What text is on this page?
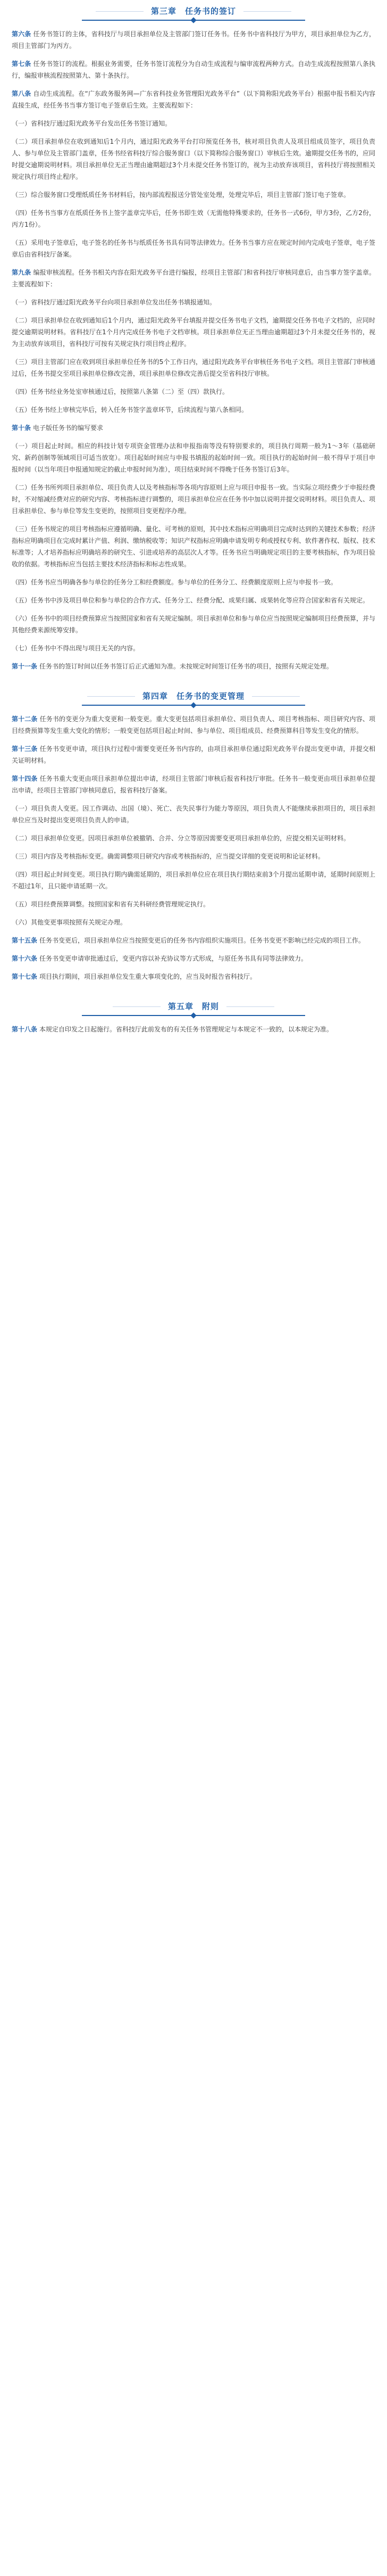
第三章　任务书的签订

第六条 任务书签订的主体，省科技厅与项目承担单位及主管部门签订任务书。任务书中省科技厅为甲方，项目承担单位为乙方，项目主管部门为丙方。

第七条 任务书签订的流程。根据业务需要，任务书签订流程分为自动生成流程与编审流程两种方式。自动生成流程按照第八条执行，编报审核流程按照第九、第十条执行。

第八条 自动生成流程。在“广东政务服务网—广东省科技业务管理阳光政务平台”（以下简称阳光政务平台）根据申报书相关内容直接生成，经任务书当事方签订电子签章后生效。主要流程如下：

（一）省科技厅通过阳光政务平台发出任务书签订通知。

（二）项目承担单位在收到通知后1个月内，通过阳光政务平台打印预览任务书，核对项目负责人及项目组成员签字，项目负责人、参与单位及主管部门盖章，任务书经省科技厅综合服务窗口（以下简称综合服务窗口）审核后生效。逾期提交任务书的，应同时提交逾期说明材料。项目承担单位无正当理由逾期超过3个月未提交任务书签订的，视为主动放弃该项目，省科技厅将按照相关规定执行项目终止程序。

（三）综合服务窗口受理纸质任务书材料后，按内部流程报送分管处室处理，处理完毕后，项目主管部门签订电子签章。

（四）任务书当事方在纸质任务书上签字盖章完毕后，任务书即生效（无需他特殊要求的，任务书一式6份，甲方3份，乙方2份，丙方1份）。

（五）采用电子签章后，电子签名的任务书与纸质任务书具有同等法律效力。任务书当事方应在规定时间内完成电子签章，电子签章后由省科技厅备案。

第九条 编报审核流程。任务书相关内容在阳光政务平台进行编报，经项目主管部门和省科技厅审核同意后，由当事方签字盖章。主要流程如下：

（一）省科技厅通过阳光政务平台向项目承担单位发出任务书填报通知。

（二）项目承担单位在收到通知后1个月内，通过阳光政务平台填报并提交任务书电子文档，逾期提交任务书电子文档的，应同时提交逾期说明材料。省科技厅在1个月内完成任务书电子文档审核。项目承担单位无正当理由逾期超过3个月未提交任务书的，视为主动放弃该项目，省科技厅可按有关规定执行项目终止程序。

（三）项目主管部门应在收到项目承担单位任务书的5个工作日内，通过阳光政务平台审核任务书电子文档。项目主管部门审核通过后，任务书提交至项目承担单位修改完善，项目承担单位修改完善后提交至省科技厅审核。

（四）任务书经业务处室审核通过后，按照第八条第（二）至（四）款执行。

（五）任务书经上审核完毕后，转入任务书签字盖章环节，后续流程与第八条相同。

第十条 电子版任务书的编写要求

（一）项目起止时间。相应的科技计划专项资金管理办法和申报指南等没有特别要求的，项目执行周期一般为1～3年（基础研究、新药创制等领域项目可适当放宽）。项目起始时间应与申报书填报的起始时间一致。项目执行的起始时间一般不得早于项目申报时间（以当年项目申报通知规定的截止申报时间为准），项目结束时间不得晚于任务书签订后3年。

（二）任务书所列项目承担单位、项目负责人以及考核指标等各项内容原则上应与项目申报书一致。当实际立项经费少于申报经费时，不对缩减经费对应的研究内容、考核指标进行调整的，项目承担单位应在任务书中加以说明并提交说明材料。项目负责人、项目承担单位、参与单位等发生变更的，按照项目变更程序办理。

（三）任务书规定的项目考核指标应遵循明确、量化、可考核的原则，其中技术指标应明确项目完成时达到的关键技术参数；经济指标应明确项目在完成时累计产值、利润、缴纳税收等；知识产权指标应明确申请发明专利或授权专利、软件著作权、版权、技术标准等；人才培养指标应明确培养的研究生、引进或培养的高层次人才等。任务书应当明确规定项目的主要考核指标，作为项目验收的依据。考核指标应当包括主要技术经济指标和标志性成果。

（四）任务书应当明确各参与单位的任务分工和经费额度。参与单位的任务分工、经费额度原则上应与申报书一致。

（五）任务书中涉及项目单位和参与单位的合作方式、任务分工、经费分配、成果归属、成果转化等应符合国家和省有关规定。

（六）任务书中的项目经费预算应当按照国家和省有关规定编制。项目承担单位和参与单位应当按照规定编制项目经费预算，并与其他经费来源统筹安排。

（七）任务书中不得出现与项目无关的内容。

第十一条 任务书的签订时间以任务书签订后正式通知为准。未按规定时间签订任务书的项目，按照有关规定处理。

第四章　任务书的变更管理

第十二条 任务书的变更分为重大变更和一般变更。重大变更包括项目承担单位、项目负责人、项目考核指标、项目研究内容、项目经费预算等发生重大变化的情形；一般变更包括项目起止时间、参与单位、项目组成员、经费预算科目等发生变化的情形。

第十三条 任务书变更申请，项目执行过程中需要变更任务书内容的，由项目承担单位通过阳光政务平台提出变更申请，并提交相关证明材料。

第十四条 任务书重大变更由项目承担单位提出申请，经项目主管部门审核后报省科技厅审批。任务书一般变更由项目承担单位提出申请，经项目主管部门审核同意后，报省科技厅备案。

（一）项目负责人变更。因工作调动、出国（境）、死亡、丧失民事行为能力等原因，项目负责人不能继续承担项目的，项目承担单位应当及时提出变更项目负责人的申请。

（二）项目承担单位变更。因项目承担单位被撤销、合并、分立等原因需要变更项目承担单位的，应提交相关证明材料。

（三）项目内容及考核指标变更。确需调整项目研究内容或考核指标的，应当提交详细的变更说明和论证材料。

（四）项目起止时间变更。项目执行期内确需延期的，项目承担单位应在项目执行期结束前3个月提出延期申请，延期时间原则上不超过1年，且只能申请延期一次。

（五）项目经费预算调整。按照国家和省有关科研经费管理规定执行。

（六）其他变更事项按照有关规定办理。

第十五条 任务书变更后，项目承担单位应当按照变更后的任务书内容组织实施项目。任务书变更不影响已经完成的项目工作。

第十六条 任务书变更申请审批通过后，变更内容以补充协议等方式形成，与原任务书具有同等法律效力。

第十七条 项目执行期间，项目承担单位发生重大事项变化的，应当及时报告省科技厅。

第五章　附则

第十八条 本规定自印发之日起施行。省科技厅此前发布的有关任务书管理规定与本规定不一致的，以本规定为准。
